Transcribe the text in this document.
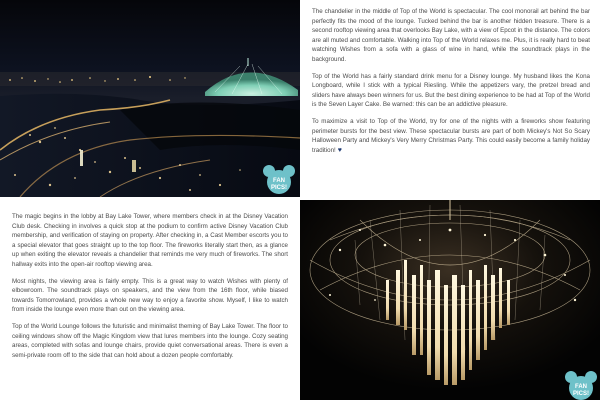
FAN
PICS!

The chandelier in the middle of Top of the World is spectacular. The cool monorail art behind the bar perfectly fits the mood of the lounge. Tucked behind the bar is another hidden treasure. There is a second rooftop viewing area that overlooks Bay Lake, with a view of Epcot in the distance. The colors are all muted and comfortable. Walking into Top of the World relaxes me. Plus, it is really hard to beat watching Wishes from a sofa with a glass of wine in hand, while the soundtrack plays in the background.

Top of the World has a fairly standard drink menu for a Disney lounge. My husband likes the Kona Longboard, while I stick with a typical Riesling. While the appetizers vary, the pretzel bread and sliders have always been winners for us. But the best dining experience to be had at Top of the World is the Seven Layer Cake. Be warned: this can be an addictive pleasure.

To maximize a visit to Top of the World, try for one of the nights with a fireworks show featuring perimeter bursts for the best view. These spectacular bursts are part of both Mickey's Not So Scary Halloween Party and Mickey's Very Merry Christmas Party. This could easily become a family holiday tradition! ♥

The magic begins in the lobby at Bay Lake Tower, where members check in at the Disney Vacation Club desk. Checking in involves a quick stop at the podium to confirm active Disney Vacation Club membership, and verification of staying on property. After checking in, a Cast Member escorts you to a special elevator that goes straight up to the top floor. The fireworks literally start then, as a glance up when exiting the elevator reveals a chandelier that reminds me very much of fireworks. The short hallway exits into the open-air rooftop viewing area.

Most nights, the viewing area is fairly empty. This is a great way to watch Wishes with plenty of elbowroom. The soundtrack plays on speakers, and the view from the 16th floor, while biased towards Tomorrowland, provides a whole new way to enjoy a favorite show. Myself, I like to watch from inside the lounge even more than out on the viewing area.

Top of the World Lounge follows the futuristic and minimalist theming of Bay Lake Tower. The floor to ceiling windows show off the Magic Kingdom view that lures members into the lounge. Cozy seating areas, completed with sofas and lounge chairs, provide quiet conversational areas. There is even a semi-private room off to the side that can hold about a dozen people comfortably.

FAN
PICS!
